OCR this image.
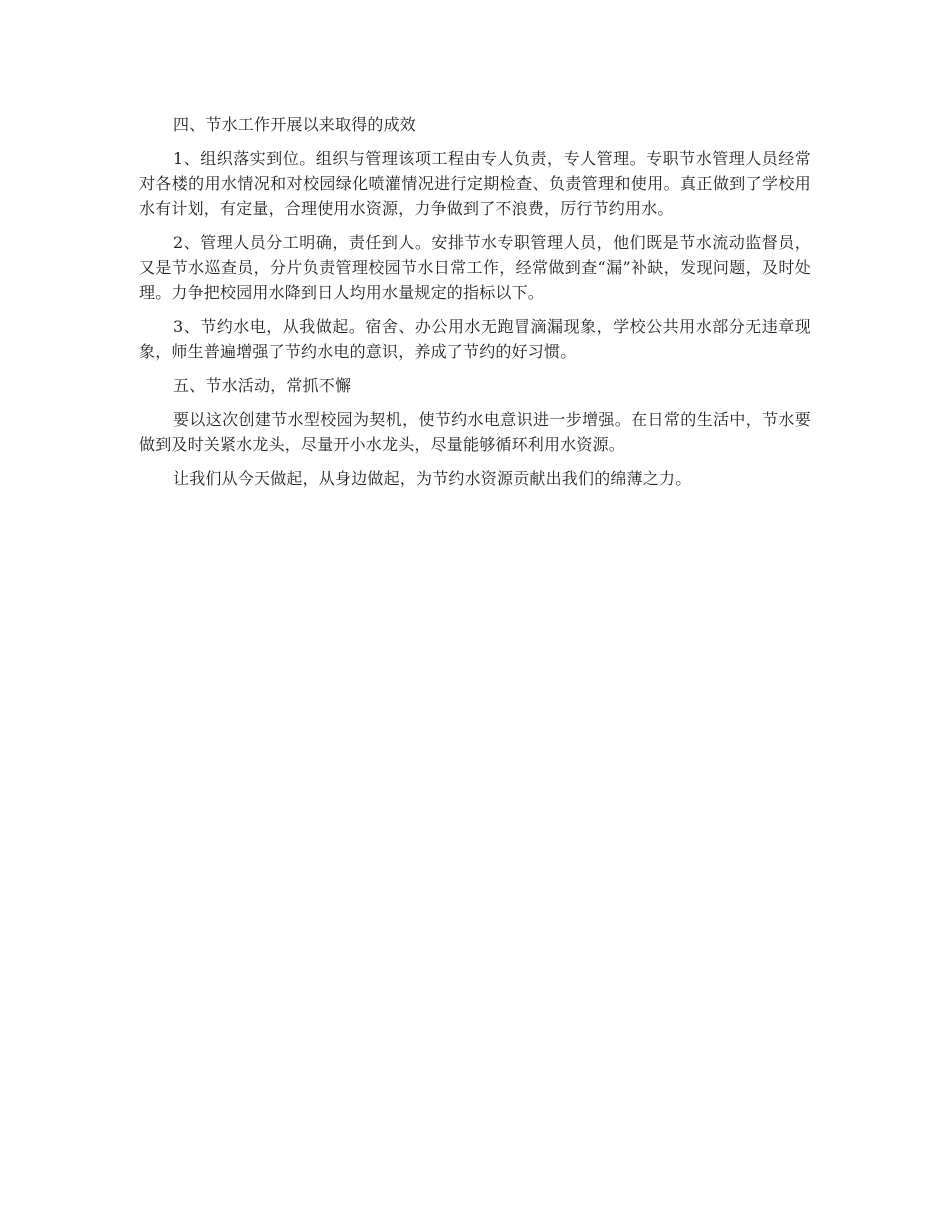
四、节水工作开展以来取得的成效

1、组织落实到位。组织与管理该项工程由专人负责，专人管理。专职节水管理人员经常对各楼的用水情况和对校园绿化喷灌情况进行定期检查、负责管理和使用。真正做到了学校用水有计划，有定量，合理使用水资源，力争做到了不浪费，厉行节约用水。

2、管理人员分工明确，责任到人。安排节水专职管理人员，他们既是节水流动监督员，又是节水巡查员，分片负责管理校园节水日常工作，经常做到查“漏”补缺，发现问题，及时处理。力争把校园用水降到日人均用水量规定的指标以下。

3、节约水电，从我做起。宿舍、办公用水无跑冒滴漏现象，学校公共用水部分无违章现象，师生普遍增强了节约水电的意识，养成了节约的好习惯。

五、节水活动，常抓不懈

要以这次创建节水型校园为契机，使节约水电意识进一步增强。在日常的生活中，节水要做到及时关紧水龙头，尽量开小水龙头，尽量能够循环利用水资源。

让我们从今天做起，从身边做起，为节约水资源贡献出我们的绵薄之力。
